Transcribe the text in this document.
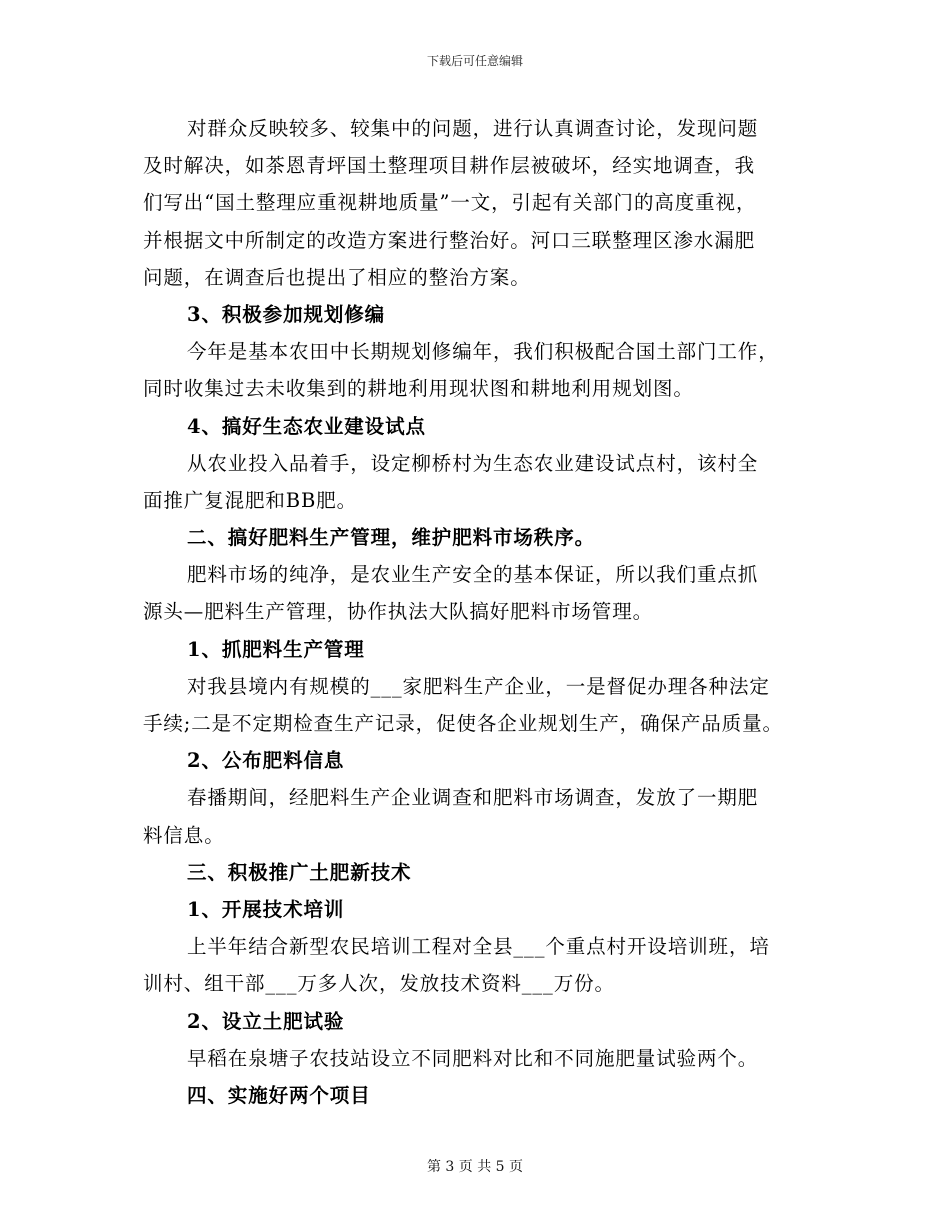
下载后可任意编辑
对群众反映较多、较集中的问题，进行认真调查讨论，发现问题
及时解决，如茶恩青坪国土整理项目耕作层被破坏，经实地调查，我
们写出“国土整理应重视耕地质量”一文，引起有关部门的高度重视，
并根据文中所制定的改造方案进行整治好。河口三联整理区渗水漏肥
问题，在调查后也提出了相应的整治方案。
3、积极参加规划修编
今年是基本农田中长期规划修编年，我们积极配合国土部门工作，
同时收集过去未收集到的耕地利用现状图和耕地利用规划图。
4、搞好生态农业建设试点
从农业投入品着手，设定柳桥村为生态农业建设试点村，该村全
面推广复混肥和BB肥。
二、搞好肥料生产管理，维护肥料市场秩序。
肥料市场的纯净，是农业生产安全的基本保证，所以我们重点抓
源头—肥料生产管理，协作执法大队搞好肥料市场管理。
1、抓肥料生产管理
对我县境内有规模的___家肥料生产企业，一是督促办理各种法定
手续;二是不定期检查生产记录，促使各企业规划生产，确保产品质量。
2、公布肥料信息
春播期间，经肥料生产企业调查和肥料市场调查，发放了一期肥
料信息。
三、积极推广土肥新技术
1、开展技术培训
上半年结合新型农民培训工程对全县___个重点村开设培训班，培
训村、组干部___万多人次，发放技术资料___万份。
2、设立土肥试验
早稻在泉塘子农技站设立不同肥料对比和不同施肥量试验两个。
四、实施好两个项目
第 3 页 共 5 页
